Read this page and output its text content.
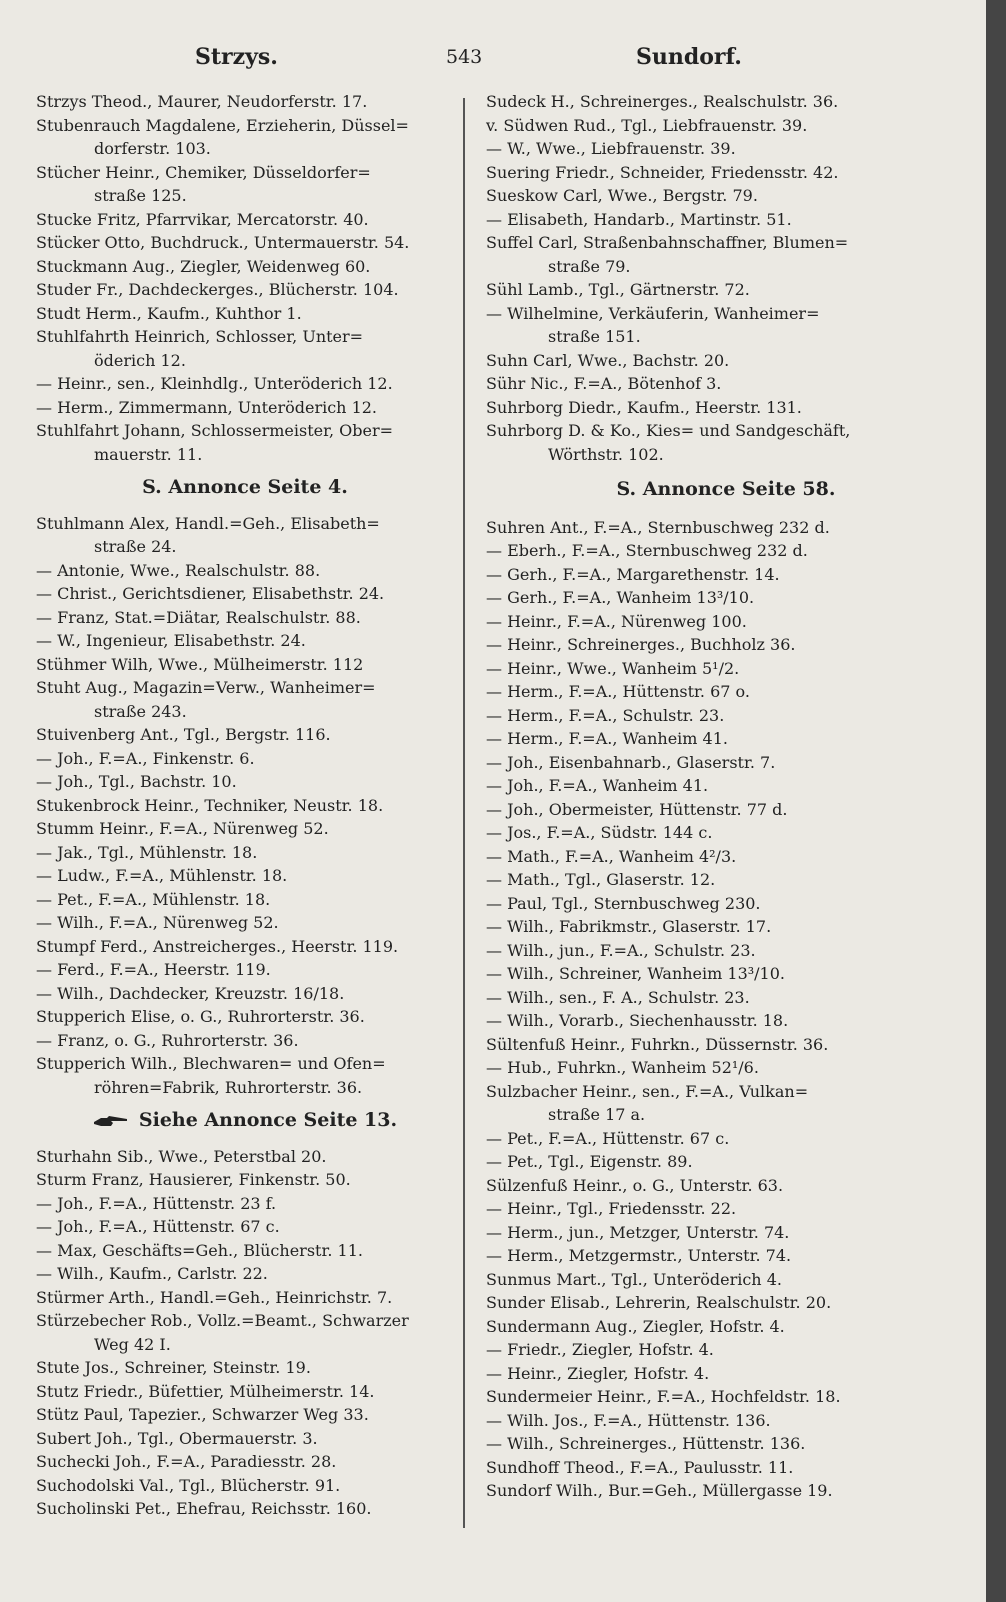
Strzys.	543	Sundorf.
Strzys Theod., Maurer, Neudorferstr. 17.
Stubenrauch Magdalene, Erzieherin, Düssel=
dorferstr. 103.
Stücher Heinr., Chemiker, Düsseldorfer=
straße 125.
Stucke Fritz, Pfarrvikar, Mercatorstr. 40.
Stücker Otto, Buchdruck., Untermauerstr. 54.
Stuckmann Aug., Ziegler, Weidenweg 60.
Studer Fr., Dachdeckerges., Blücherstr. 104.
Studt Herm., Kaufm., Kuhthor 1.
Stuhlfahrth Heinrich, Schlosser, Unter=
öderich 12.
— Heinr., sen., Kleinhdlg., Unteröderich 12.
— Herm., Zimmermann, Unteröderich 12.
Stuhlfahrt Johann, Schlossermeister, Ober=
mauerstr. 11.
S. Annonce Seite 4.
Stuhlmann Alex, Handl.=Geh., Elisabeth=
straße 24.
— Antonie, Wwe., Realschulstr. 88.
— Christ., Gerichtsdiener, Elisabethstr. 24.
— Franz, Stat.=Diätar, Realschulstr. 88.
— W., Ingenieur, Elisabethstr. 24.
Stühmer Wilh, Wwe., Mülheimerstr. 112
Stuht Aug., Magazin=Verw., Wanheimer=
straße 243.
Stuivenberg Ant., Tgl., Bergstr. 116.
— Joh., F.=A., Finkenstr. 6.
— Joh., Tgl., Bachstr. 10.
Stukenbrock Heinr., Techniker, Neustr. 18.
Stumm Heinr., F.=A., Nürenweg 52.
— Jak., Tgl., Mühlenstr. 18.
— Ludw., F.=A., Mühlenstr. 18.
— Pet., F.=A., Mühlenstr. 18.
— Wilh., F.=A., Nürenweg 52.
Stumpf Ferd., Anstreicherges., Heerstr. 119.
— Ferd., F.=A., Heerstr. 119.
— Wilh., Dachdecker, Kreuzstr. 16/18.
Stupperich Elise, o. G., Ruhrorterstr. 36.
— Franz, o. G., Ruhrorterstr. 36.
Stupperich Wilh., Blechwaren= und Ofen=
röhren=Fabrik, Ruhrorterstr. 36.
Siehe Annonce Seite 13.
Sturhahn Sib., Wwe., Peterstbal 20.
Sturm Franz, Hausierer, Finkenstr. 50.
— Joh., F.=A., Hüttenstr. 23 f.
— Joh., F.=A., Hüttenstr. 67 c.
— Max, Geschäfts=Geh., Blücherstr. 11.
— Wilh., Kaufm., Carlstr. 22.
Stürmer Arth., Handl.=Geh., Heinrichstr. 7.
Stürzebecher Rob., Vollz.=Beamt., Schwarzer
Weg 42 I.
Stute Jos., Schreiner, Steinstr. 19.
Stutz Friedr., Büfettier, Mülheimerstr. 14.
Stütz Paul, Tapezier., Schwarzer Weg 33.
Subert Joh., Tgl., Obermauerstr. 3.
Suchecki Joh., F.=A., Paradiesstr. 28.
Suchodolski Val., Tgl., Blücherstr. 91.
Sucholinski Pet., Ehefrau, Reichsstr. 160.
Sudeck H., Schreinerges., Realschulstr. 36.
v. Südwen Rud., Tgl., Liebfrauenstr. 39.
— W., Wwe., Liebfrauenstr. 39.
Suering Friedr., Schneider, Friedensstr. 42.
Sueskow Carl, Wwe., Bergstr. 79.
— Elisabeth, Handarb., Martinstr. 51.
Suffel Carl, Straßenbahnschaffner, Blumen=
straße 79.
Sühl Lamb., Tgl., Gärtnerstr. 72.
— Wilhelmine, Verkäuferin, Wanheimer=
straße 151.
Suhn Carl, Wwe., Bachstr. 20.
Sühr Nic., F.=A., Bötenhof 3.
Suhrborg Diedr., Kaufm., Heerstr. 131.
Suhrborg D. & Ko., Kies= und Sandgeschäft,
Wörthstr. 102.
S. Annonce Seite 58.
Suhren Ant., F.=A., Sternbuschweg 232 d.
— Eberh., F.=A., Sternbuschweg 232 d.
— Gerh., F.=A., Margarethenstr. 14.
— Gerh., F.=A., Wanheim 13³/10.
— Heinr., F.=A., Nürenweg 100.
— Heinr., Schreinerges., Buchholz 36.
— Heinr., Wwe., Wanheim 5¹/2.
— Herm., F.=A., Hüttenstr. 67 o.
— Herm., F.=A., Schulstr. 23.
— Herm., F.=A., Wanheim 41.
— Joh., Eisenbahnarb., Glaserstr. 7.
— Joh., F.=A., Wanheim 41.
— Joh., Obermeister, Hüttenstr. 77 d.
— Jos., F.=A., Südstr. 144 c.
— Math., F.=A., Wanheim 4²/3.
— Math., Tgl., Glaserstr. 12.
— Paul, Tgl., Sternbuschweg 230.
— Wilh., Fabrikmstr., Glaserstr. 17.
— Wilh., jun., F.=A., Schulstr. 23.
— Wilh., Schreiner, Wanheim 13³/10.
— Wilh., sen., F. A., Schulstr. 23.
— Wilh., Vorarb., Siechenhausstr. 18.
Sültenfuß Heinr., Fuhrkn., Düssernstr. 36.
— Hub., Fuhrkn., Wanheim 52¹/6.
Sulzbacher Heinr., sen., F.=A., Vulkan=
straße 17 a.
— Pet., F.=A., Hüttenstr. 67 c.
— Pet., Tgl., Eigenstr. 89.
Sülzenfuß Heinr., o. G., Unterstr. 63.
— Heinr., Tgl., Friedensstr. 22.
— Herm., jun., Metzger, Unterstr. 74.
— Herm., Metzgermstr., Unterstr. 74.
Sunmus Mart., Tgl., Unteröderich 4.
Sunder Elisab., Lehrerin, Realschulstr. 20.
Sundermann Aug., Ziegler, Hofstr. 4.
— Friedr., Ziegler, Hofstr. 4.
— Heinr., Ziegler, Hofstr. 4.
Sundermeier Heinr., F.=A., Hochfeldstr. 18.
— Wilh. Jos., F.=A., Hüttenstr. 136.
— Wilh., Schreinerges., Hüttenstr. 136.
Sundhoff Theod., F.=A., Paulusstr. 11.
Sundorf Wilh., Bur.=Geh., Müllergasse 19.
